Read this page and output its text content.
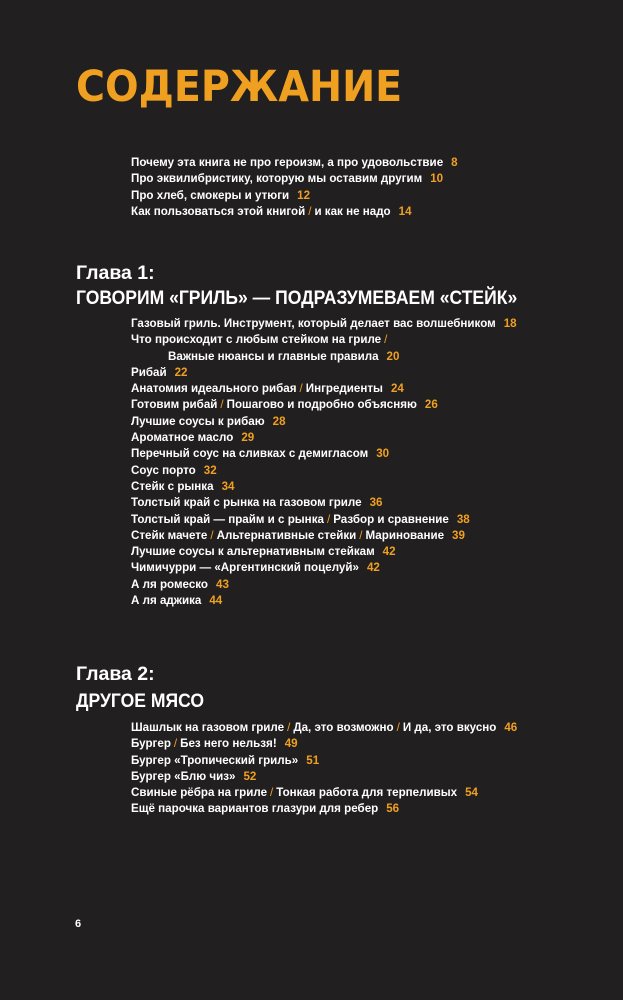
СОДЕРЖАНИЕ
Почему эта книга не про героизм, а про удовольствие 8
Про эквилибристику, которую мы оставим другим 10
Про хлеб, смокеры и утюги 12
Как пользоваться этой книгой / и как не надо 14
Глава 1:
ГОВОРИМ «ГРИЛЬ» — ПОДРАЗУМЕВАЕМ «СТЕЙК»
Газовый гриль. Инструмент, который делает вас волшебником 18
Что происходит с любым стейком на гриле /
Важные нюансы и главные правила 20
Рибай 22
Анатомия идеального рибая / Ингредиенты 24
Готовим рибай / Пошагово и подробно объясняю 26
Лучшие соусы к рибаю 28
Ароматное масло 29
Перечный соус на сливках с демигласом 30
Соус порто 32
Стейк с рынка 34
Толстый край с рынка на газовом гриле 36
Толстый край — прайм и с рынка / Разбор и сравнение 38
Стейк мачете / Альтернативные стейки / Маринование 39
Лучшие соусы к альтернативным стейкам 42
Чимичурри — «Аргентинский поцелуй» 42
А ля ромеско 43
А ля аджика 44
Глава 2:
ДРУГОЕ МЯСО
Шашлык на газовом гриле / Да, это возможно / И да, это вкусно 46
Бургер / Без него нельзя! 49
Бургер «Тропический гриль» 51
Бургер «Блю чиз» 52
Свиные рёбра на гриле / Тонкая работа для терпеливых 54
Ещё парочка вариантов глазури для ребер 56
6
